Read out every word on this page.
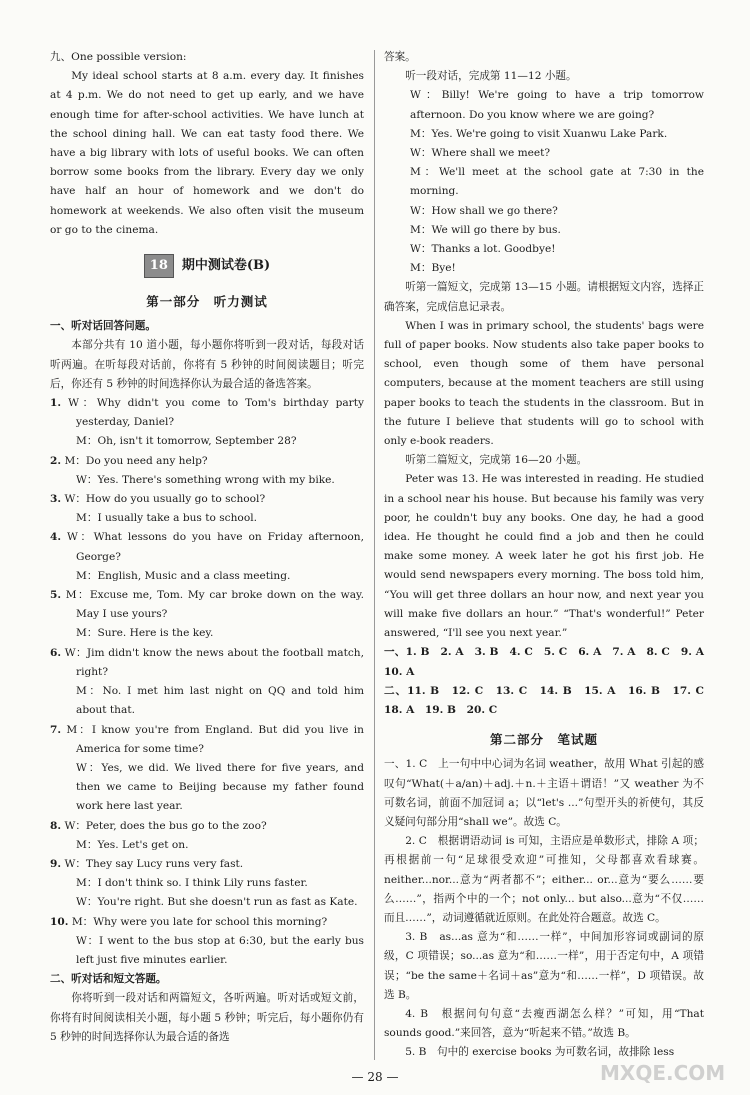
九、One possible version:

My ideal school starts at 8 a.m. every day. It finishes at 4 p.m. We do not need to get up early, and we have enough time for after-school activities. We have lunch at the school dining hall. We can eat tasty food there. We have a big library with lots of useful books. We can often borrow some books from the library. Every day we only have half an hour of homework and we don't do homework at weekends. We also often visit the museum or go to the cinema.

18	期中测试卷(B)
第一部分　听力测试

一、听对话回答问题。

本部分共有 10 道小题，每小题你将听到一段对话，每段对话听两遍。在听每段对话前，你将有 5 秒钟的时间阅读题目；听完后，你还有 5 秒钟的时间选择你认为最合适的备选答案。

1. W：Why didn't you come to Tom's birthday party yesterday, Daniel?

M：Oh, isn't it tomorrow, September 28?

2. M：Do you need any help?

W：Yes. There's something wrong with my bike.

3. W：How do you usually go to school?

M：I usually take a bus to school.

4. W：What lessons do you have on Friday afternoon, George?

M：English, Music and a class meeting.

5. M：Excuse me, Tom. My car broke down on the way. May I use yours?

M：Sure. Here is the key.

6. W：Jim didn't know the news about the football match, right?

M：No. I met him last night on QQ and told him about that.

7. M：I know you're from England. But did you live in America for some time?

W：Yes, we did. We lived there for five years, and then we came to Beijing because my father found work here last year.

8. W：Peter, does the bus go to the zoo?

M：Yes. Let's get on.

9. W：They say Lucy runs very fast.

M：I don't think so. I think Lily runs faster.

W：You're right. But she doesn't run as fast as Kate.

10. M：Why were you late for school this morning?

W：I went to the bus stop at 6:30, but the early bus left just five minutes earlier.

二、听对话和短文答题。

你将听到一段对话和两篇短文，各听两遍。听对话或短文前，你将有时间阅读相关小题，每小题 5 秒钟；听完后，每小题你仍有 5 秒钟的时间选择你认为最合适的备选

答案。

听一段对话，完成第 11—12 小题。

W：Billy! We're going to have a trip tomorrow afternoon. Do you know where we are going?

M：Yes. We're going to visit Xuanwu Lake Park.

W：Where shall we meet?

M：We'll meet at the school gate at 7:30 in the morning.

W：How shall we go there?

M：We will go there by bus.

W：Thanks a lot. Goodbye!

M：Bye!

听第一篇短文，完成第 13—15 小题。请根据短文内容，选择正确答案，完成信息记录表。

When I was in primary school, the students' bags were full of paper books. Now students also take paper books to school, even though some of them have personal computers, because at the moment teachers are still using paper books to teach the students in the classroom. But in the future I believe that students will go to school with only e-book readers.

听第二篇短文，完成第 16—20 小题。

Peter was 13. He was interested in reading. He studied in a school near his house. But because his family was very poor, he couldn't buy any books. One day, he had a good idea. He thought he could find a job and then he could make some money. A week later he got his first job. He would send newspapers every morning. The boss told him, “You will get three dollars an hour now, and next year you will make five dollars an hour.” “That's wonderful!” Peter answered, “I'll see you next year.”

一、1. B　2. A　3. B　4. C　5. C　6. A　7. A　8. C　9. A　10. A

二、11. B　12. C　13. C　14. B　15. A　16. B　17. C　18. A　19. B　20. C

第二部分　笔试题

一、1. C　上一句中中心词为名词 weather，故用 What 引起的感叹句“What(＋a/an)＋adj.＋n.＋主语＋谓语！”又 weather 为不可数名词，前面不加冠词 a；以“let's ...”句型开头的祈使句，其反义疑问句部分用“shall we”。故选 C。

2. C　根据谓语动词 is 可知，主语应是单数形式，排除 A 项；再根据前一句“足球很受欢迎”可推知，父母都喜欢看球赛。neither...nor...意为“两者都不”；either... or...意为“要么……要么……”，指两个中的一个；not only... but also...意为“不仅……而且……”，动词遵循就近原则。在此处符合题意。故选 C。

3. B　as...as 意为“和……一样”，中间加形容词或副词的原级，C 项错误；so...as 意为“和……一样”，用于否定句中，A 项错误；“be the same＋名词＋as”意为“和……一样”，D 项错误。故选 B。

4. B　根据问句句意“去瘦西湖怎么样？”可知，用“That sounds good.”来回答，意为“听起来不错。”故选 B。

5. B　句中的 exercise books 为可数名词，故排除 less

— 28 —	MXQE.COM
